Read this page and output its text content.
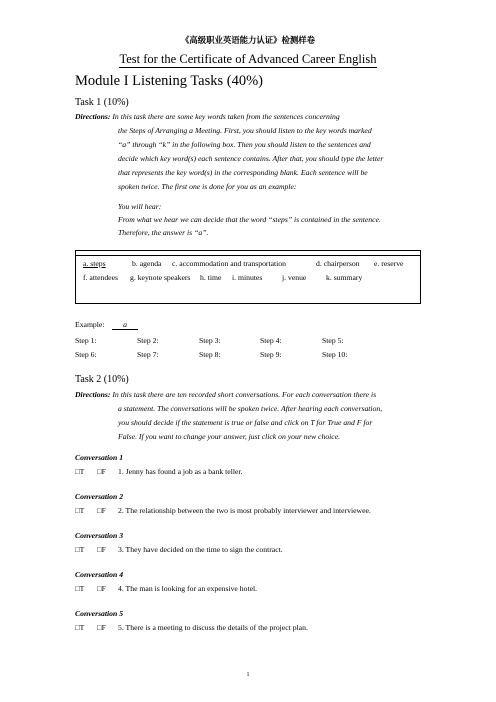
《高级职业英语能力认证》检测样卷
Test for the Certificate of Advanced Career English
Module I Listening Tasks (40%)
Task 1 (10%)
Directions: In this task there are some key words taken from the sentences concerning
the Steps of Arranging a Meeting. First, you should listen to the key words marked
“a” through “k” in the following box. Then you should listen to the sentences and
decide which key word(s) each sentence contains. After that, you should type the letter
that represents the key word(s) in the corresponding blank. Each sentence will be
spoken twice. The first one is done for you as an example:
You will hear:
From what we hear we can decide that the word “steps” is contained in the sentence.
Therefore, the answer is “a”.
a. steps	b. agenda c. accommodation and transportation	d. chairperson e. reserve
f. attendees g. keynote speakers h. time i. minutes	j. venue	k. summary
Example:	a
Step 1:	Step 2:	Step 3:	Step 4:	Step 5:
Step 6:	Step 7:	Step 8:	Step 9:	Step 10:
Task 2 (10%)
Directions: In this task there are ten recorded short conversations. For each conversation there is
a statement. The conversations will be spoken twice. After hearing each conversation,
you should decide if the statement is true or false and click on T for True and F for
False. If you want to change your answer, just click on your new choice.
Conversation 1
□T □F 1. Jenny has found a job as a bank teller.
Conversation 2
□T □F 2. The relationship between the two is most probably interviewer and interviewee.
Conversation 3
□T □F 3. They have decided on the time to sign the contract.
Conversation 4
□T □F 4. The man is looking for an expensive hotel.
Conversation 5
□T □F 5. There is a meeting to discuss the details of the project plan.
1
